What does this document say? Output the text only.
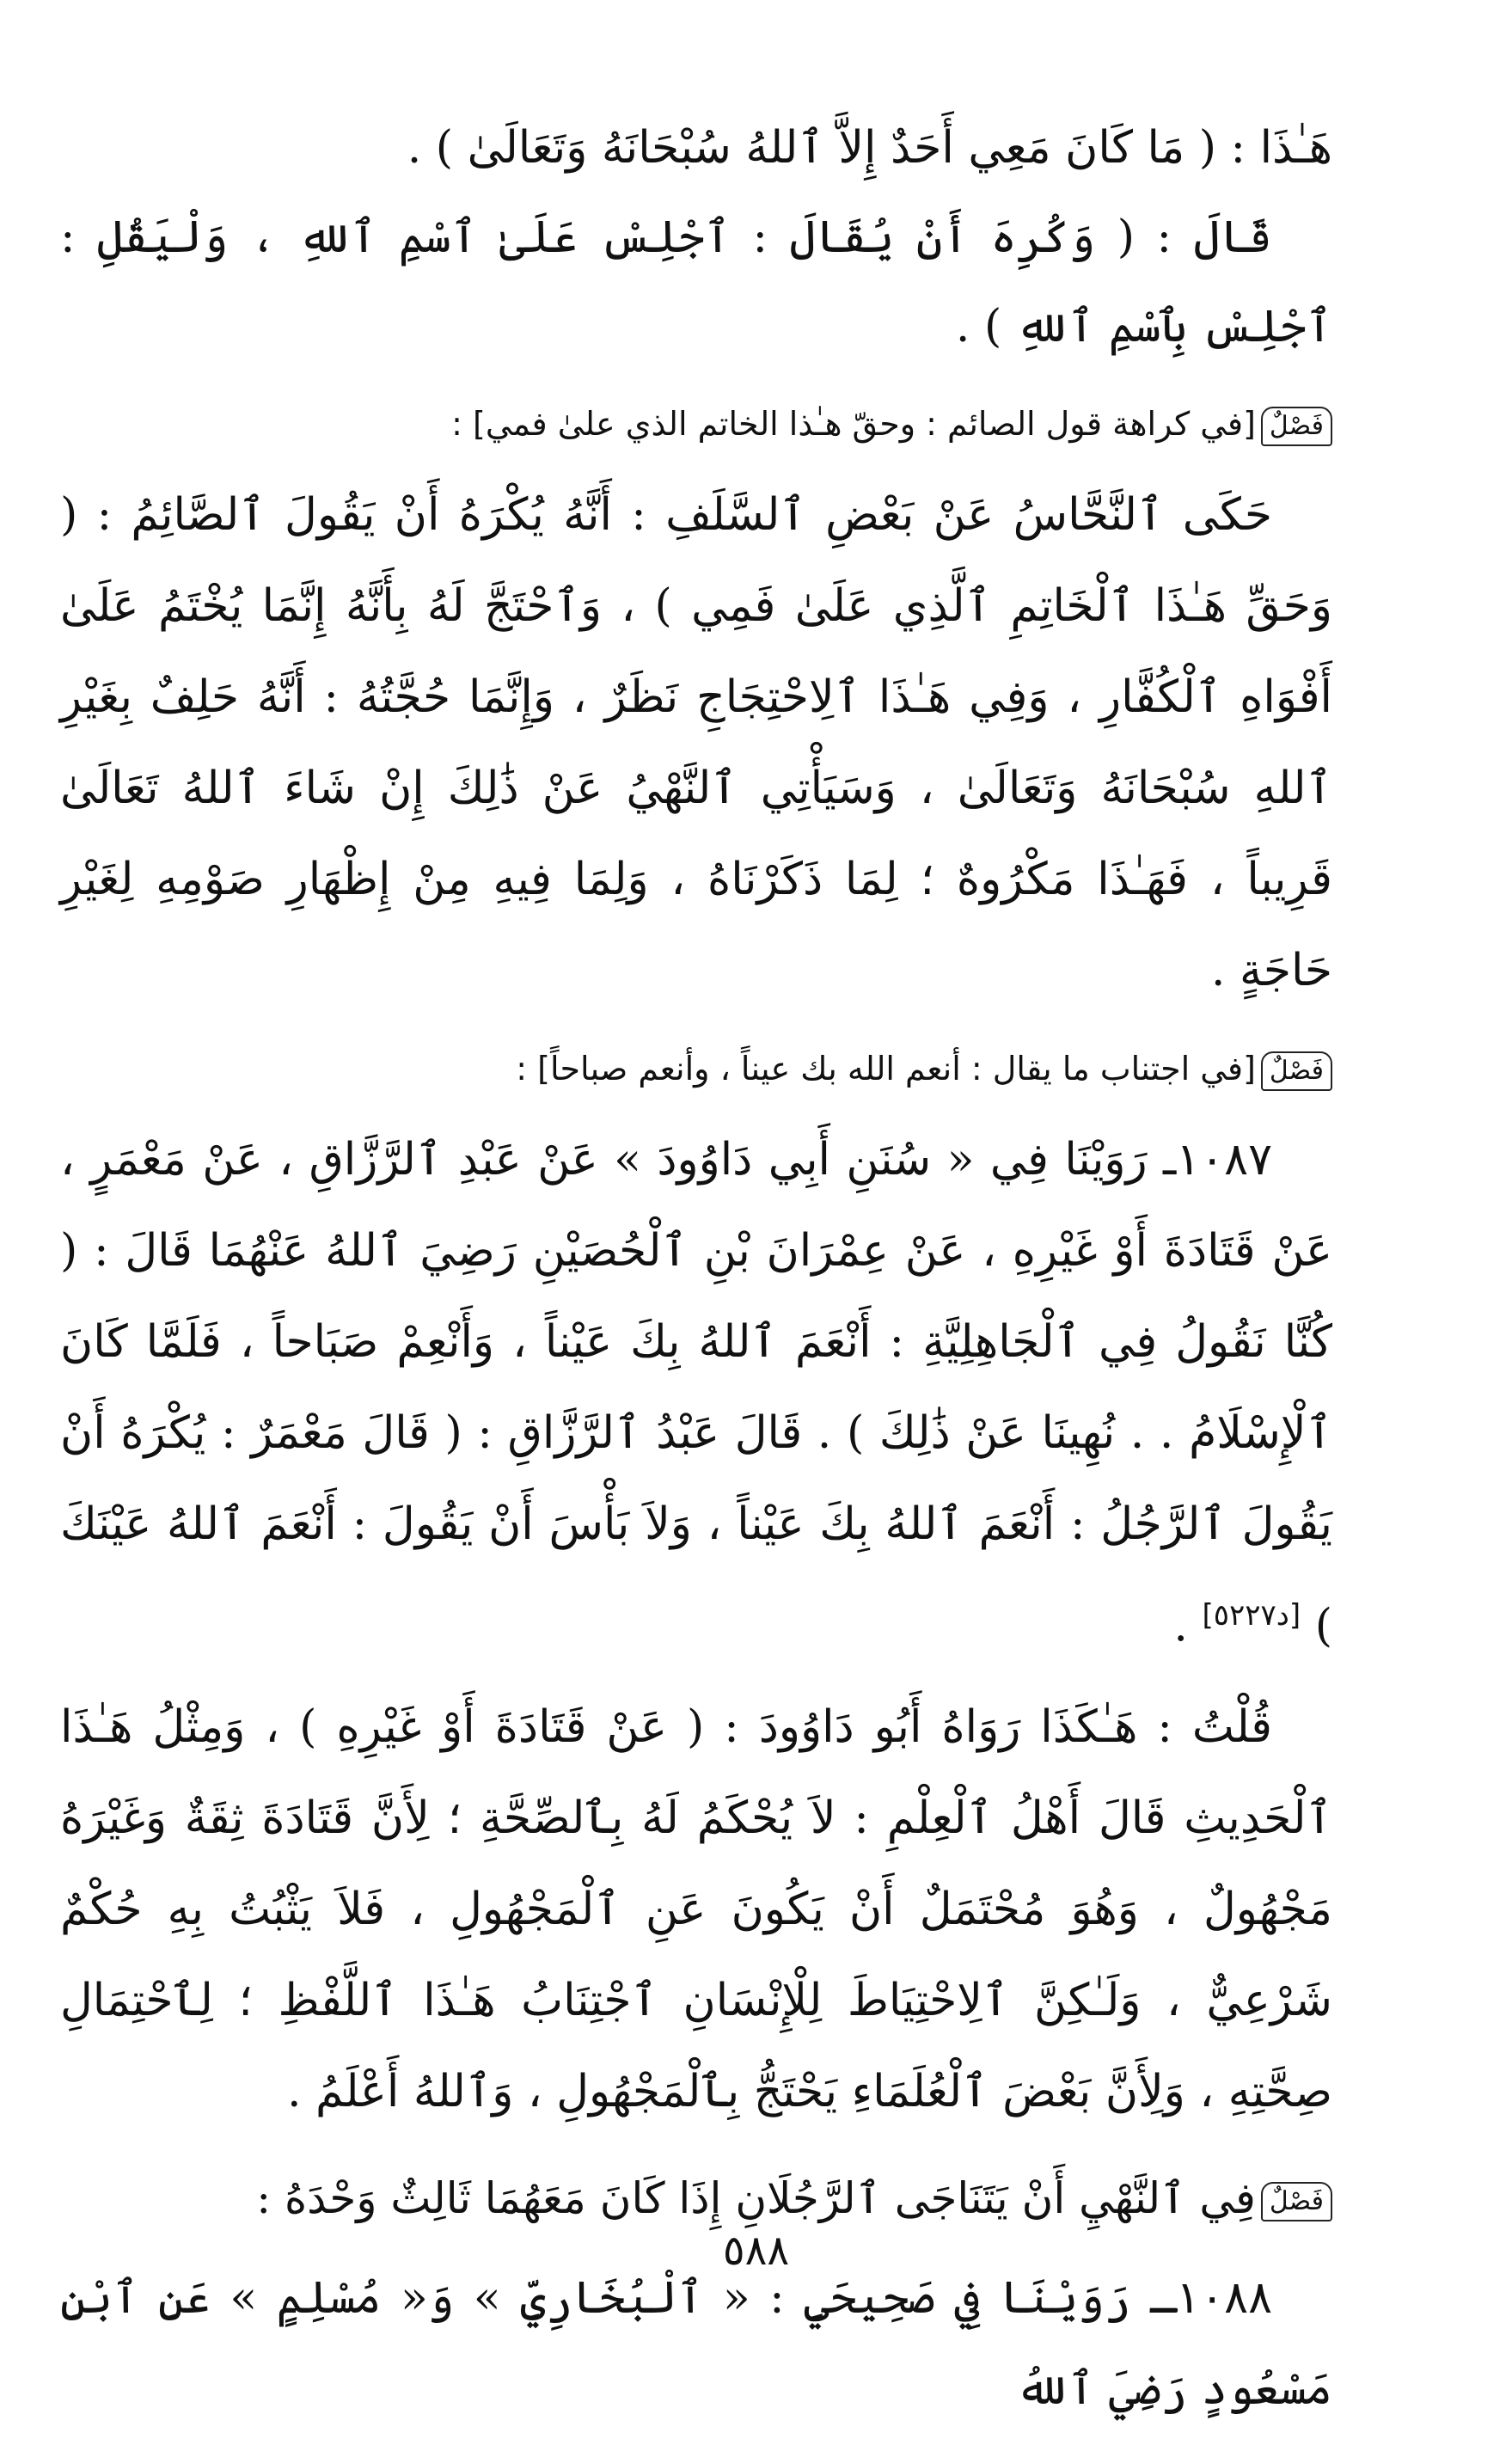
هَـٰذَا : ( مَا كَانَ مَعِي أَحَدٌ إِلاَّ ٱللهُ سُبْحَانَهُ وَتَعَالَىٰ ) .

قَالَ : ( وَكُرِهَ أَنْ يُقَالَ : ٱجْلِسْ عَلَىٰ ٱسْمِ ٱللهِ ، وَلْيَقُلِ : ٱجْلِسْ بِٱسْمِ ٱللهِ ) .

فَصْلٌ[في كراهة قول الصائم : وحقّ هـٰذا الخاتم الذي علىٰ فمي] :

حَكَى ٱلنَّحَّاسُ عَنْ بَعْضِ ٱلسَّلَفِ : أَنَّهُ يُكْرَهُ أَنْ يَقُولَ ٱلصَّائِمُ : ( وَحَقِّ هَـٰذَا ٱلْخَاتِمِ ٱلَّذِي عَلَىٰ فَمِي ) ، وَٱحْتَجَّ لَهُ بِأَنَّهُ إِنَّمَا يُخْتَمُ عَلَىٰ أَفْوَاهِ ٱلْكُفَّارِ ، وَفِي هَـٰذَا ٱلِاحْتِجَاجِ نَظَرٌ ، وَإِنَّمَا حُجَّتُهُ : أَنَّهُ حَلِفٌ بِغَيْرِ ٱللهِ سُبْحَانَهُ وَتَعَالَىٰ ، وَسَيَأْتِي ٱلنَّهْيُ عَنْ ذَٰلِكَ إِنْ شَاءَ ٱللهُ تَعَالَىٰ قَرِيباً ، فَهَـٰذَا مَكْرُوهٌ ؛ لِمَا ذَكَرْنَاهُ ، وَلِمَا فِيهِ مِنْ إِظْهَارِ صَوْمِهِ لِغَيْرِ حَاجَةٍ .

فَصْلٌ[في اجتناب ما يقال : أنعم الله بك عيناً ، وأنعم صباحاً] :

١٠٨٧ـ رَوَيْنَا فِي « سُنَنِ أَبِي دَاوُودَ » عَنْ عَبْدِ ٱلرَّزَّاقِ ، عَنْ مَعْمَرٍ ، عَنْ قَتَادَةَ أَوْ غَيْرِهِ ، عَنْ عِمْرَانَ بْنِ ٱلْحُصَيْنِ رَضِيَ ٱللهُ عَنْهُمَا قَالَ : ( كُنَّا نَقُولُ فِي ٱلْجَاهِلِيَّةِ : أَنْعَمَ ٱللهُ بِكَ عَيْناً ، وَأَنْعِمْ صَبَاحاً ، فَلَمَّا كَانَ ٱلْإِسْلَامُ . . نُهِينَا عَنْ ذَٰلِكَ ) . قَالَ عَبْدُ ٱلرَّزَّاقِ : ( قَالَ مَعْمَرٌ : يُكْرَهُ أَنْ يَقُولَ ٱلرَّجُلُ : أَنْعَمَ ٱللهُ بِكَ عَيْناً ، وَلاَ بَأْسَ أَنْ يَقُولَ : أَنْعَمَ ٱللهُ عَيْنَكَ ) [د٥٢٢٧] .

قُلْتُ : هَـٰكَذَا رَوَاهُ أَبُو دَاوُودَ : ( عَنْ قَتَادَةَ أَوْ غَيْرِهِ ) ، وَمِثْلُ هَـٰذَا ٱلْحَدِيثِ قَالَ أَهْلُ ٱلْعِلْمِ : لاَ يُحْكَمُ لَهُ بِٱلصِّحَّةِ ؛ لِأَنَّ قَتَادَةَ ثِقَةٌ وَغَيْرَهُ مَجْهُولٌ ، وَهُوَ مُحْتَمَلٌ أَنْ يَكُونَ عَنِ ٱلْمَجْهُولِ ، فَلاَ يَثْبُتُ بِهِ حُكْمٌ شَرْعِيٌّ ، وَلَـٰكِنَّ ٱلِاحْتِيَاطَ لِلْإِنْسَانِ ٱجْتِنَابُ هَـٰذَا ٱللَّفْظِ ؛ لِٱحْتِمَالِ صِحَّتِهِ ، وَلِأَنَّ بَعْضَ ٱلْعُلَمَاءِ يَحْتَجُّ بِٱلْمَجْهُولِ ، وَٱللهُ أَعْلَمُ .

فَصْلٌفِي ٱلنَّهْيِ أَنْ يَتَنَاجَى ٱلرَّجُلَانِ إِذَا كَانَ مَعَهُمَا ثَالِثٌ وَحْدَهُ :

١٠٨٨ـ رَوَيْنَا فِي صَحِيحَيِ : « ٱلْبُخَارِيِّ » وَ« مُسْلِمٍ » عَنِ ٱبْنِ مَسْعُودٍ رَضِيَ ٱللهُ

٥٨٨
